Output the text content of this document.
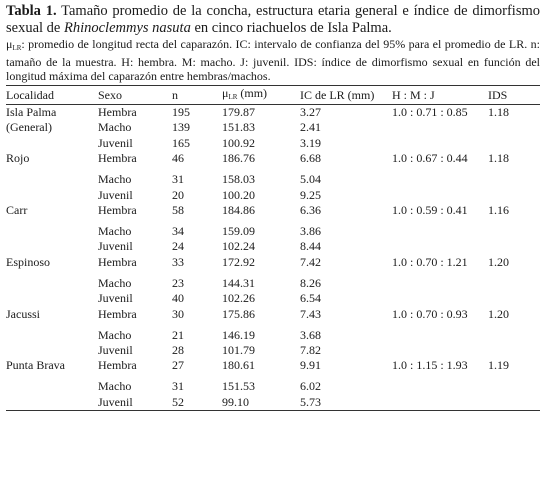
Tabla 1. Tamaño promedio de la concha, estructura etaria general e índice de dimorfismo sexual de Rhinoclemmys nasuta en cinco riachuelos de Isla Palma.

$\mu_{LR}$: promedio de longitud recta del caparazón. IC: intervalo de confianza del 95% para el promedio de LR. n: tamaño de la muestra. H: hembra. M: macho. J: juvenil. IDS: índice de dimorfismo sexual en función del longitud máxima del caparazón entre hembras/machos.

Localidad	Sexo	n	$\mu_{LR}$ (mm)	IC de LR (mm)	H : M : J	IDS
Isla Palma	Hembra	195	179.87	3.27	1.0 : 0.71 : 0.85	1.18
(General)	Macho	139	151.83	2.41		
	Juvenil	165	100.92	3.19		
Rojo	Hembra	46	186.76	6.68	1.0 : 0.67 : 0.44	1.18
	Macho	31	158.03	5.04		
	Juvenil	20	100.20	9.25		
Carr	Hembra	58	184.86	6.36	1.0 : 0.59 : 0.41	1.16
	Macho	34	159.09	3.86		
	Juvenil	24	102.24	8.44		
Espinoso	Hembra	33	172.92	7.42	1.0 : 0.70 : 1.21	1.20
	Macho	23	144.31	8.26		
	Juvenil	40	102.26	6.54		
Jacussi	Hembra	30	175.86	7.43	1.0 : 0.70 : 0.93	1.20
	Macho	21	146.19	3.68		
	Juvenil	28	101.79	7.82		
Punta Brava	Hembra	27	180.61	9.91	1.0 : 1.15 : 1.93	1.19
	Macho	31	151.53	6.02		
	Juvenil	52	99.10	5.73		
